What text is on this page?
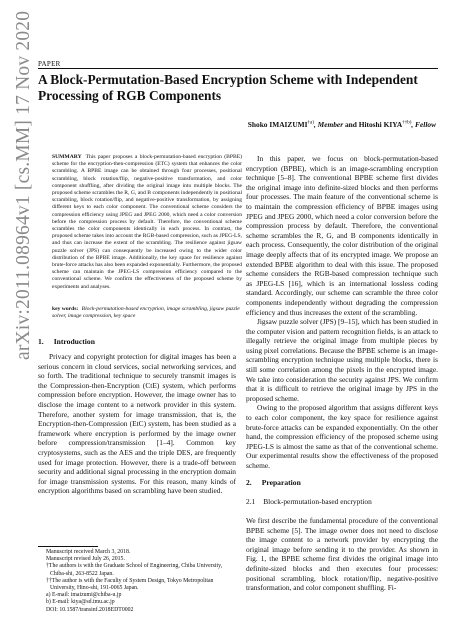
arXiv:2011.08964v1 [cs.MM] 17 Nov 2020 PAPER
A Block-Permutation-Based Encryption Scheme with Independent Processing of RGB Components
Shoko IMAIZUMI$^{\dagger a)}$, Member and Hitoshi KIYA$^{\dagger\dagger b)}$, Fellow
SUMMARY This paper proposes a block-permutation-based encryption (BPBE) scheme for the encryption-then-compression (ETC) system that enhances the color scrambling. A BPBE image can be obtained through four processes, positional scrambling, block rotation/flip, negative-positive transformation, and color component shuffling, after dividing the original image into multiple blocks. The proposed scheme scrambles the R, G, and B components independently in positional scrambling, block rotation/flip, and negative-positive transformation, by assigning different keys to each color component. The conventional scheme considers the compression efficiency using JPEG and JPEG 2000, which need a color conversion before the compression process by default. Therefore, the conventional scheme scrambles the color components identically in each process. In contrast, the proposed scheme takes into account the RGB-based compression, such as JPEG-LS, and thus can increase the extent of the scrambling. The resilience against jigsaw puzzle solver (JPS) can consequently be increased owing to the wider color distribution of the BPBE image. Additionally, the key space for resilience against brute-force attacks has also been expanded exponentially. Furthermore, the proposed scheme can maintain the JPEG-LS compression efficiency compared to the conventional scheme. We confirm the effectiveness of the proposed scheme by experiments and analyses.
key words: Block-permutation-based encryption, image scrambling, jigsaw puzzle solver, image compression, key space
1. Introduction

Privacy and copyright protection for digital images has been a serious concern in cloud services, social networking services, and so forth. The traditional technique to securely transmit images is the Compression-then-Encryption (CtE) system, which performs compression before encryption. However, the image owner has to disclose the image content to a network provider in this system. Therefore, another system for image transmission, that is, the Encryption-then-Compression (EtC) system, has been studied as a framework where encryption is performed by the image owner before compression/transmission [1–4]. Common key cryptosystems, such as the AES and the triple DES, are frequently used for image protection. However, there is a trade-off between security and additional signal processing in the encryption domain for image transmission systems. For this reason, many kinds of encryption algorithms based on scrambling have been studied.

In this paper, we focus on block-permutation-based encryption (BPBE), which is an image-scrambling encryption technique [5–8]. The conventional BPBE scheme first divides the original image into definite-sized blocks and then performs four processes. The main feature of the conventional scheme is to maintain the compression efficiency of BPBE images using JPEG and JPEG 2000, which need a color conversion before the compression process by default. Therefore, the conventional scheme scrambles the R, G, and B components identically in each process. Consequently, the color distribution of the original image deeply affects that of its encrypted image. We propose an extended BPBE algorithm to deal with this issue. The proposed scheme considers the RGB-based compression technique such as JPEG-LS [16], which is an international lossless coding standard. Accordingly, our scheme can scramble the three color components independently without degrading the compression efficiency and thus increases the extent of the scrambling.

Jigsaw puzzle solver (JPS) [9–15], which has been studied in the computer vision and pattern recognition fields, is an attack to illegally retrieve the original image from multiple pieces by using pixel correlations. Because the BPBE scheme is an image-scrambling encryption technique using multiple blocks, there is still some correlation among the pixels in the encrypted image. We take into consideration the security against JPS. We confirm that it is difficult to retrieve the original image by JPS in the proposed scheme.

Owing to the proposed algorithm that assigns different keys to each color component, the key space for resilience against brute-force attacks can be expanded exponentially. On the other hand, the compression efficiency of the proposed scheme using JPEG-LS is almost the same as that of the conventional scheme. Our experimental results show the effectiveness of the proposed scheme.

2. Preparation
2.1 Block-permutation-based encryption

We first describe the fundamental procedure of the conventional BPBE scheme [5]. The image owner does not need to disclose the image content to a network provider by encrypting the original image before sending it to the provider. As shown in Fig. 1, the BPBE scheme first divides the original image into definite-sized blocks and then executes four processes: positional scrambling, block rotation/flip, negative-positive transformation, and color component shuffling. Fi-

Manuscript received March 3, 2018.

Manuscript revised July 26, 2015.

†The authors is with the Graduate School of Engineering, Chiba University, Chiba-shi, 263-8522 Japan.

††The author is with the Faculty of System Design, Tokyo Metropolitan University, Hino-shi, 191-0065 Japan.

a) E-mail: imaizumi@chiba-u.jp

b) E-mail: kiya@sd.tmu.ac.jp

DOI: 10.1587/transinf.2018EDT0002
